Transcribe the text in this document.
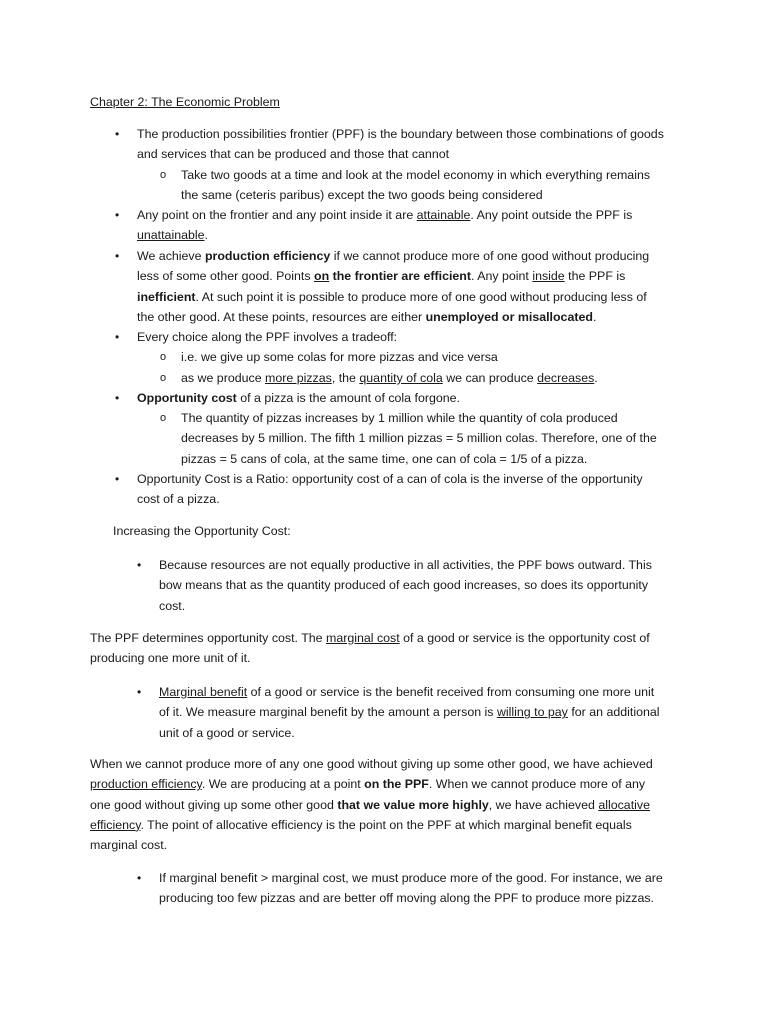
Chapter 2: The Economic Problem
• The production possibilities frontier (PPF) is the boundary between those combinations of goods
and services that can be produced and those that cannot
o Take two goods at a time and look at the model economy in which everything remains
the same (ceteris paribus) except the two goods being considered
• Any point on the frontier and any point inside it are attainable. Any point outside the PPF is
unattainable.
• We achieve production efficiency if we cannot produce more of one good without producing
less of some other good. Points on the frontier are efficient. Any point inside the PPF is
inefficient. At such point it is possible to produce more of one good without producing less of
the other good. At these points, resources are either unemployed or misallocated.
• Every choice along the PPF involves a tradeoff:
o i.e. we give up some colas for more pizzas and vice versa
o as we produce more pizzas, the quantity of cola we can produce decreases.
• Opportunity cost of a pizza is the amount of cola forgone.
o The quantity of pizzas increases by 1 million while the quantity of cola produced
decreases by 5 million. The fifth 1 million pizzas = 5 million colas. Therefore, one of the
pizzas = 5 cans of cola, at the same time, one can of cola = 1/5 of a pizza.
• Opportunity Cost is a Ratio: opportunity cost of a can of cola is the inverse of the opportunity
cost of a pizza.
Increasing the Opportunity Cost:
• Because resources are not equally productive in all activities, the PPF bows outward. This
bow means that as the quantity produced of each good increases, so does its opportunity
cost.
The PPF determines opportunity cost. The marginal cost of a good or service is the opportunity cost of
producing one more unit of it.
• Marginal benefit of a good or service is the benefit received from consuming one more unit
of it. We measure marginal benefit by the amount a person is willing to pay for an additional
unit of a good or service.
When we cannot produce more of any one good without giving up some other good, we have achieved
production efficiency. We are producing at a point on the PPF. When we cannot produce more of any
one good without giving up some other good that we value more highly, we have achieved allocative
efficiency. The point of allocative efficiency is the point on the PPF at which marginal benefit equals
marginal cost.
• If marginal benefit > marginal cost, we must produce more of the good. For instance, we are
producing too few pizzas and are better off moving along the PPF to produce more pizzas.
